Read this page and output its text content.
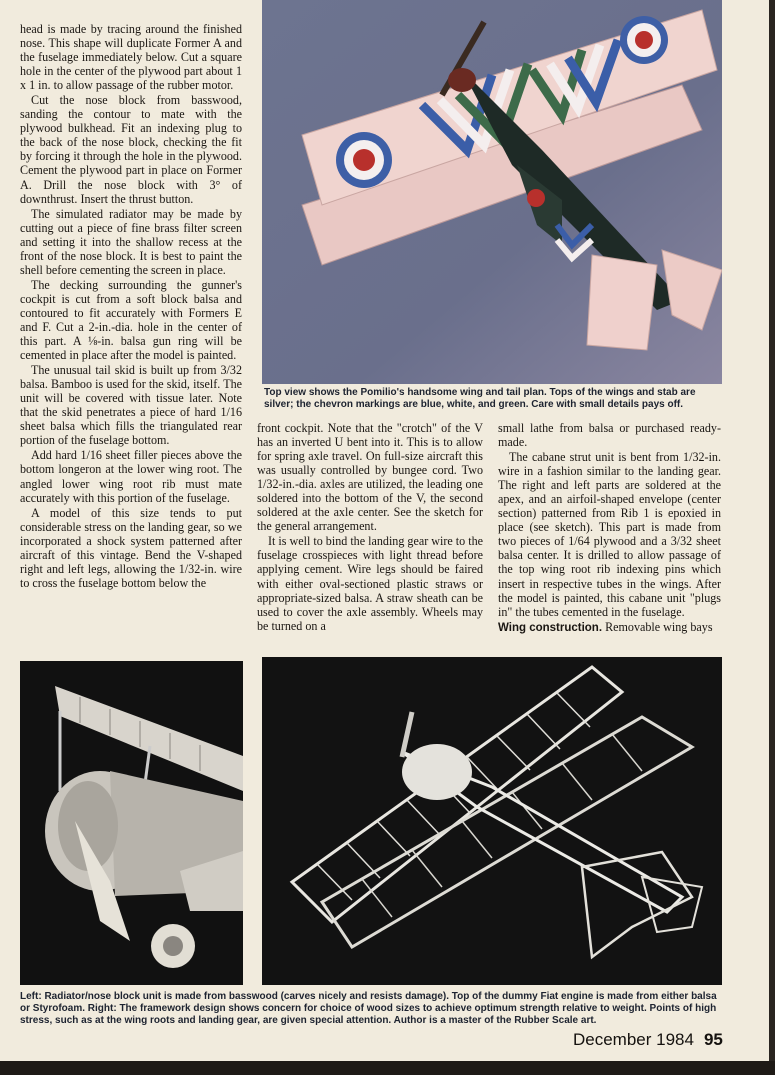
head is made by tracing around the finished nose. This shape will duplicate Former A and the fuselage immediately below. Cut a square hole in the center of the plywood part about 1 x 1 in. to allow passage of the rubber motor.

Cut the nose block from basswood, sanding the contour to mate with the plywood bulkhead. Fit an indexing plug to the back of the nose block, checking the fit by forcing it through the hole in the plywood. Cement the plywood part in place on Former A. Drill the nose block with 3° of downthrust. Insert the thrust button.

The simulated radiator may be made by cutting out a piece of fine brass filter screen and setting it into the shallow recess at the front of the nose block. It is best to paint the shell before cementing the screen in place.

The decking surrounding the gunner's cockpit is cut from a soft block balsa and contoured to fit accurately with Formers E and F. Cut a 2-in.-dia. hole in the center of this part. A ⅛-in. balsa gun ring will be cemented in place after the model is painted.

The unusual tail skid is built up from 3/32 balsa. Bamboo is used for the skid, itself. The unit will be covered with tissue later. Note that the skid penetrates a piece of hard 1/16 sheet balsa which fills the triangulated rear portion of the fuselage bottom.

Add hard 1/16 sheet filler pieces above the bottom longeron at the lower wing root. The angled lower wing root rib must mate accurately with this portion of the fuselage.

A model of this size tends to put considerable stress on the landing gear, so we incorporated a shock system patterned after aircraft of this vintage. Bend the V-shaped right and left legs, allowing the 1/32-in. wire to cross the fuselage bottom below the

Top view shows the Pomilio's handsome wing and tail plan. Tops of the wings and stab are silver; the chevron markings are blue, white, and green. Care with small details pays off.

front cockpit. Note that the "crotch" of the V has an inverted U bent into it. This is to allow for spring axle travel. On full-size aircraft this was usually controlled by bungee cord. Two 1/32-in.-dia. axles are utilized, the leading one soldered into the bottom of the V, the second soldered at the axle center. See the sketch for the general arrangement.

It is well to bind the landing gear wire to the fuselage crosspieces with light thread before applying cement. Wire legs should be faired with either oval-sectioned plastic straws or appropriate-sized balsa. A straw sheath can be used to cover the axle assembly. Wheels may be turned on a

small lathe from balsa or purchased ready-made.

The cabane strut unit is bent from 1/32-in. wire in a fashion similar to the landing gear. The right and left parts are soldered at the apex, and an airfoil-shaped envelope (center section) patterned from Rib 1 is epoxied in place (see sketch). This part is made from two pieces of 1/64 plywood and a 3/32 sheet balsa center. It is drilled to allow passage of the top wing root rib indexing pins which insert in respective tubes in the wings. After the model is painted, this cabane unit "plugs in" the tubes cemented in the fuselage.

Wing construction. Removable wing bays

Left: Radiator/nose block unit is made from basswood (carves nicely and resists damage). Top of the dummy Fiat engine is made from either balsa or Styrofoam. Right: The framework design shows concern for choice of wood sizes to achieve optimum strength relative to weight. Points of high stress, such as at the wing roots and landing gear, are given special attention. Author is a master of the Rubber Scale art.
December 1984 95
